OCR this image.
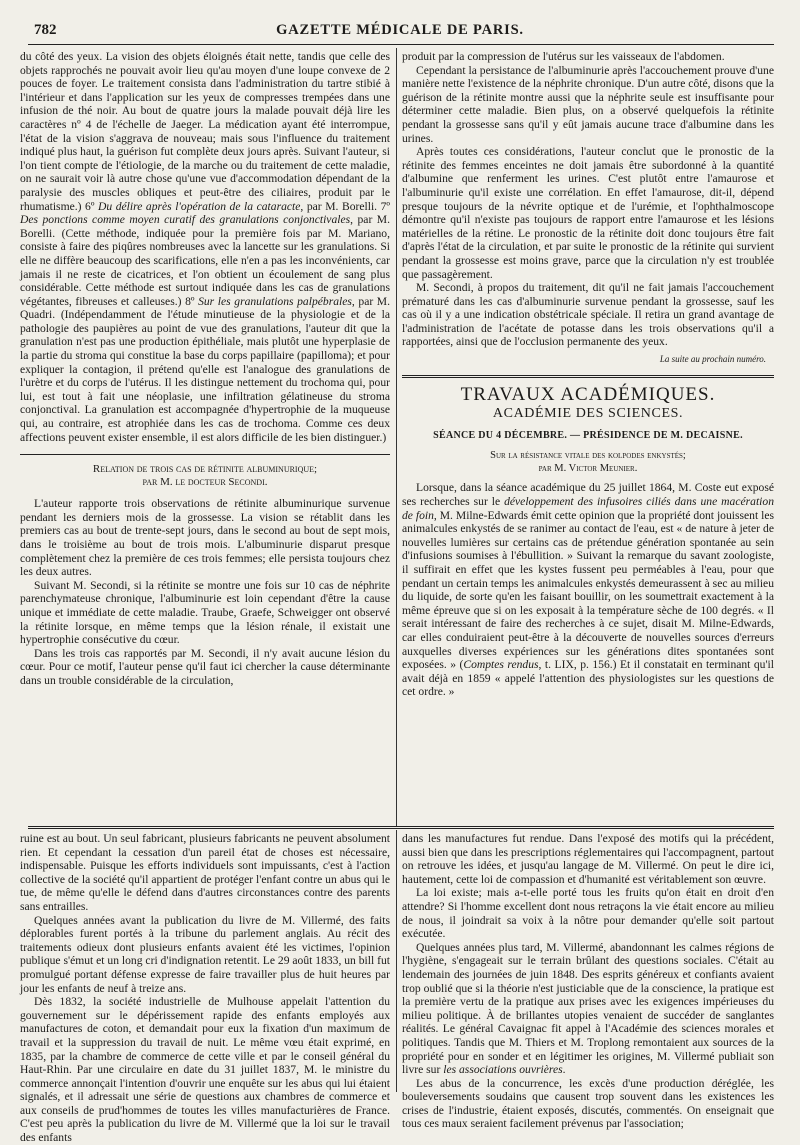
782	GAZETTE MÉDICALE DE PARIS.

du côté des yeux. La vision des objets éloignés était nette, tandis que celle des objets rapprochés ne pouvait avoir lieu qu'au moyen d'une loupe convexe de 2 pouces de foyer. Le traitement consista dans l'administration du tartre stibié à l'intérieur et dans l'application sur les yeux de compresses trempées dans une infusion de thé noir. Au bout de quatre jours la malade pouvait déjà lire les caractères nº 4 de l'échelle de Jaeger. La médication ayant été interrompue, l'état de la vision s'aggrava de nouveau; mais sous l'influence du traitement indiqué plus haut, la guérison fut complète deux jours après. Suivant l'auteur, si l'on tient compte de l'étiologie, de la marche ou du traitement de cette maladie, on ne saurait voir là autre chose qu'une vue d'accommodation dépendant de la paralysie des muscles obliques et peut-être des ciliaires, produit par le rhumatisme.) 6º Du délire après l'opération de la cataracte, par M. Borelli. 7º Des ponctions comme moyen curatif des granulations conjonctivales, par M. Borelli. (Cette méthode, indiquée pour la première fois par M. Mariano, consiste à faire des piqûres nombreuses avec la lancette sur les granulations. Si elle ne diffère beaucoup des scarifications, elle n'en a pas les inconvénients, car jamais il ne reste de cicatrices, et l'on obtient un écoulement de sang plus considérable. Cette méthode est surtout indiquée dans les cas de granulations végétantes, fibreuses et calleuses.) 8º Sur les granulations palpébrales, par M. Quadri. (Indépendamment de l'étude minutieuse de la physiologie et de la pathologie des paupières au point de vue des granulations, l'auteur dit que la granulation n'est pas une production épithéliale, mais plutôt une hyperplasie de la partie du stroma qui constitue la base du corps papillaire (papilloma); et pour expliquer la contagion, il prétend qu'elle est l'analogue des granulations de l'urètre et du corps de l'utérus. Il les distingue nettement du trochoma qui, pour lui, est tout à fait une néoplasie, une infiltration gélatineuse du stroma conjonctival. La granulation est accompagnée d'hypertrophie de la muqueuse qui, au contraire, est atrophiée dans les cas de trochoma. Comme ces deux affections peuvent exister ensemble, il est alors difficile de les bien distinguer.)

Relation de trois cas de rétinite albuminurique;
par M. le docteur Secondi.

L'auteur rapporte trois observations de rétinite albuminurique survenue pendant les derniers mois de la grossesse. La vision se rétablit dans les premiers cas au bout de trente-sept jours, dans le second au bout de sept mois, dans le troisième au bout de trois mois. L'albuminurie disparut presque complètement chez la première de ces trois femmes; elle persista toujours chez les deux autres.

Suivant M. Secondi, si la rétinite se montre une fois sur 10 cas de néphrite parenchymateuse chronique, l'albuminurie est loin cependant d'être la cause unique et immédiate de cette maladie. Traube, Graefe, Schweigger ont observé la rétinite lorsque, en même temps que la lésion rénale, il existait une hypertrophie consécutive du cœur.

Dans les trois cas rapportés par M. Secondi, il n'y avait aucune lésion du cœur. Pour ce motif, l'auteur pense qu'il faut ici chercher la cause déterminante dans un trouble considérable de la circulation,

produit par la compression de l'utérus sur les vaisseaux de l'abdomen.

Cependant la persistance de l'albuminurie après l'accouchement prouve d'une manière nette l'existence de la néphrite chronique. D'un autre côté, disons que la guérison de la rétinite montre aussi que la néphrite seule est insuffisante pour déterminer cette maladie. Bien plus, on a observé quelquefois la rétinite pendant la grossesse sans qu'il y eût jamais aucune trace d'albumine dans les urines.

Après toutes ces considérations, l'auteur conclut que le pronostic de la rétinite des femmes enceintes ne doit jamais être subordonné à la quantité d'albumine que renferment les urines. C'est plutôt entre l'amaurose et l'albuminurie qu'il existe une corrélation. En effet l'amaurose, dit-il, dépend presque toujours de la névrite optique et de l'urémie, et l'ophthalmoscope démontre qu'il n'existe pas toujours de rapport entre l'amaurose et les lésions matérielles de la rétine. Le pronostic de la rétinite doit donc toujours être fait d'après l'état de la circulation, et par suite le pronostic de la rétinite qui survient pendant la grossesse est moins grave, parce que la circulation n'y est troublée que passagèrement.

M. Secondi, à propos du traitement, dit qu'il ne fait jamais l'accouchement prématuré dans les cas d'albuminurie survenue pendant la grossesse, sauf les cas où il y a une indication obstétricale spéciale. Il retira un grand avantage de l'administration de l'acétate de potasse dans les trois observations qu'il a rapportées, ainsi que de l'occlusion permanente des yeux.

La suite au prochain numéro.
TRAVAUX ACADÉMIQUES.
ACADÉMIE DES SCIENCES.
SÉANCE DU 4 DÉCEMBRE. — PRÉSIDENCE DE M. DECAISNE.
Sur la résistance vitale des kolpodes enkystés;
par M. Victor Meunier.

Lorsque, dans la séance académique du 25 juillet 1864, M. Coste eut exposé ses recherches sur le développement des infusoires ciliés dans une macération de foin, M. Milne-Edwards émit cette opinion que la propriété dont jouissent les animalcules enkystés de se ranimer au contact de l'eau, est « de nature à jeter de nouvelles lumières sur certains cas de prétendue génération spontanée au sein d'infusions soumises à l'ébullition. » Suivant la remarque du savant zoologiste, il suffirait en effet que les kystes fussent peu perméables à l'eau, pour que pendant un certain temps les animalcules enkystés demeurassent à sec au milieu du liquide, de sorte qu'en les faisant bouillir, on les soumettrait exactement à la même épreuve que si on les exposait à la température sèche de 100 degrés. « Il serait intéressant de faire des recherches à ce sujet, disait M. Milne-Edwards, car elles conduiraient peut-être à la découverte de nouvelles sources d'erreurs auxquelles diverses expériences sur les générations dites spontanées sont exposées. » (Comptes rendus, t. LIX, p. 156.) Et il constatait en terminant qu'il avait déjà en 1859 « appelé l'attention des physiologistes sur les questions de cet ordre. »

ruine est au bout. Un seul fabricant, plusieurs fabricants ne peuvent absolument rien. Et cependant la cessation d'un pareil état de choses est nécessaire, indispensable. Puisque les efforts individuels sont impuissants, c'est à l'action collective de la société qu'il appartient de protéger l'enfant contre un abus qui le tue, de même qu'elle le défend dans d'autres circonstances contre des parents sans entrailles.

Quelques années avant la publication du livre de M. Villermé, des faits déplorables furent portés à la tribune du parlement anglais. Au récit des traitements odieux dont plusieurs enfants avaient été les victimes, l'opinion publique s'émut et un long cri d'indignation retentit. Le 29 août 1833, un bill fut promulgué portant défense expresse de faire travailler plus de huit heures par jour les enfants de neuf à treize ans.

Dès 1832, la société industrielle de Mulhouse appelait l'attention du gouvernement sur le dépérissement rapide des enfants employés aux manufactures de coton, et demandait pour eux la fixation d'un maximum de travail et la suppression du travail de nuit. Le même vœu était exprimé, en 1835, par la chambre de commerce de cette ville et par le conseil général du Haut-Rhin. Par une circulaire en date du 31 juillet 1837, M. le ministre du commerce annonçait l'intention d'ouvrir une enquête sur les abus qui lui étaient signalés, et il adressait une série de questions aux chambres de commerce et aux conseils de prud'hommes de toutes les villes manufacturières de France. C'est peu après la publication du livre de M. Villermé que la loi sur le travail des enfants

dans les manufactures fut rendue. Dans l'exposé des motifs qui la précédent, aussi bien que dans les prescriptions réglementaires qui l'accompagnent, partout on retrouve les idées, et jusqu'au langage de M. Villermé. On peut le dire ici, hautement, cette loi de compassion et d'humanité est véritablement son œuvre.

La loi existe; mais a-t-elle porté tous les fruits qu'on était en droit d'en attendre? Si l'homme excellent dont nous retraçons la vie était encore au milieu de nous, il joindrait sa voix à la nôtre pour demander qu'elle soit partout exécutée.

Quelques années plus tard, M. Villermé, abandonnant les calmes régions de l'hygiène, s'engageait sur le terrain brûlant des questions sociales. C'était au lendemain des journées de juin 1848. Des esprits généreux et confiants avaient trop oublié que si la théorie n'est justiciable que de la conscience, la pratique est la première vertu de la pratique aux prises avec les exigences impérieuses du milieu politique. À de brillantes utopies venaient de succéder de sanglantes réalités. Le général Cavaignac fit appel à l'Académie des sciences morales et politiques. Tandis que M. Thiers et M. Troplong remontaient aux sources de la propriété pour en sonder et en légitimer les origines, M. Villermé publiait son livre sur les associations ouvrières.

Les abus de la concurrence, les excès d'une production déréglée, les bouleversements soudains que causent trop souvent dans les existences les crises de l'industrie, étaient exposés, discutés, commentés. On enseignait que tous ces maux seraient facilement prévenus par l'association;
